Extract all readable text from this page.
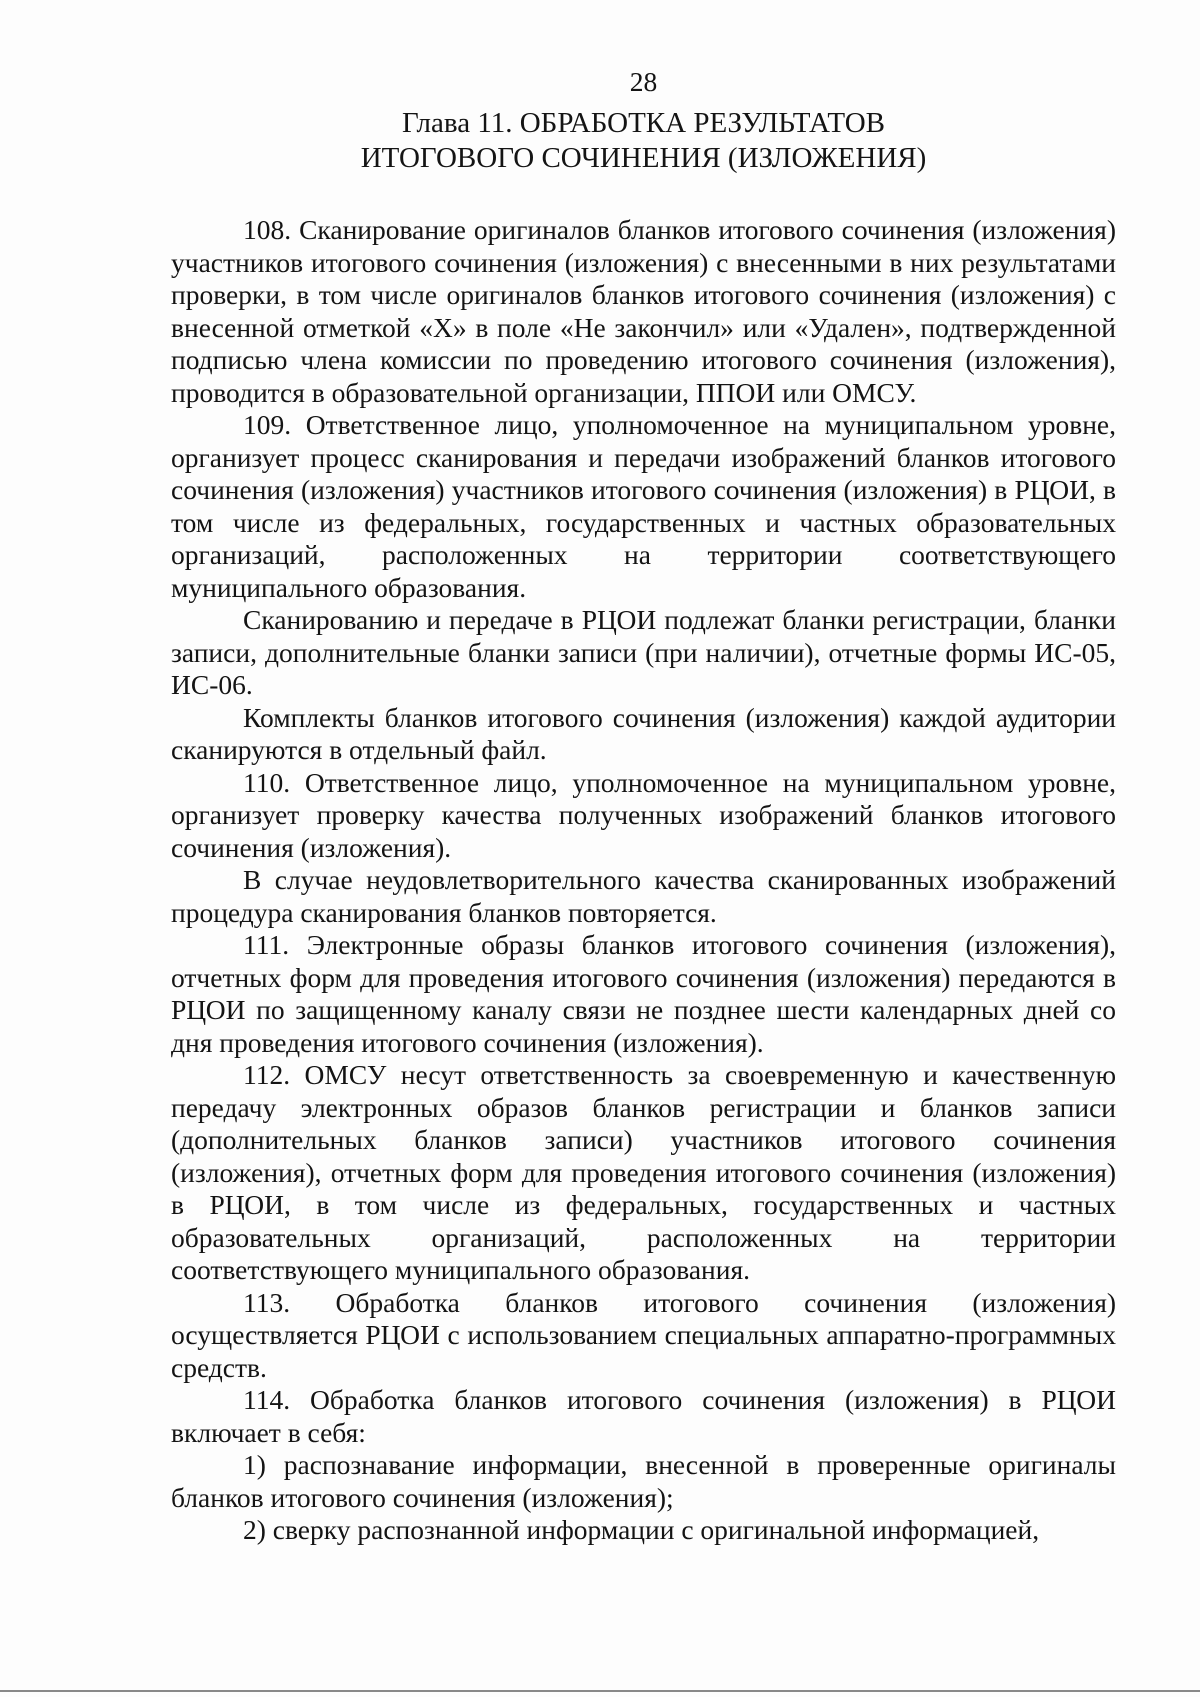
28
Глава 11. ОБРАБОТКА РЕЗУЛЬТАТОВ
ИТОГОВОГО СОЧИНЕНИЯ (ИЗЛОЖЕНИЯ)

108. Сканирование оригиналов бланков итогового сочинения (изложения) участников итогового сочинения (изложения) с внесенными в них результатами проверки, в том числе оригиналов бланков итогового сочинения (изложения) с внесенной отметкой «Х» в поле «Не закончил» или «Удален», подтвержденной подписью члена комиссии по проведению итогового сочинения (изложения), проводится в образовательной организации, ППОИ или ОМСУ.

109. Ответственное лицо, уполномоченное на муниципальном уровне, организует процесс сканирования и передачи изображений бланков итогового сочинения (изложения) участников итогового сочинения (изложения) в РЦОИ, в том числе из федеральных, государственных и частных образовательных организаций, расположенных на территории соответствующего муниципального образования.

Сканированию и передаче в РЦОИ подлежат бланки регистрации, бланки записи, дополнительные бланки записи (при наличии), отчетные формы ИС-05, ИС-06.

Комплекты бланков итогового сочинения (изложения) каждой аудитории сканируются в отдельный файл.

110. Ответственное лицо, уполномоченное на муниципальном уровне, организует проверку качества полученных изображений бланков итогового сочинения (изложения).

В случае неудовлетворительного качества сканированных изображений процедура сканирования бланков повторяется.

111. Электронные образы бланков итогового сочинения (изложения), отчетных форм для проведения итогового сочинения (изложения) передаются в РЦОИ по защищенному каналу связи не позднее шести календарных дней со дня проведения итогового сочинения (изложения).

112. ОМСУ несут ответственность за своевременную и качественную передачу электронных образов бланков регистрации и бланков записи (дополнительных бланков записи) участников итогового сочинения (изложения), отчетных форм для проведения итогового сочинения (изложения) в РЦОИ, в том числе из федеральных, государственных и частных образовательных организаций, расположенных на территории соответствующего муниципального образования.

113. Обработка бланков итогового сочинения (изложения) осуществляется РЦОИ с использованием специальных аппаратно-программных средств.

114. Обработка бланков итогового сочинения (изложения) в РЦОИ включает в себя:

1) распознавание информации, внесенной в проверенные оригиналы бланков итогового сочинения (изложения);

2) сверку распознанной информации с оригинальной информацией,
